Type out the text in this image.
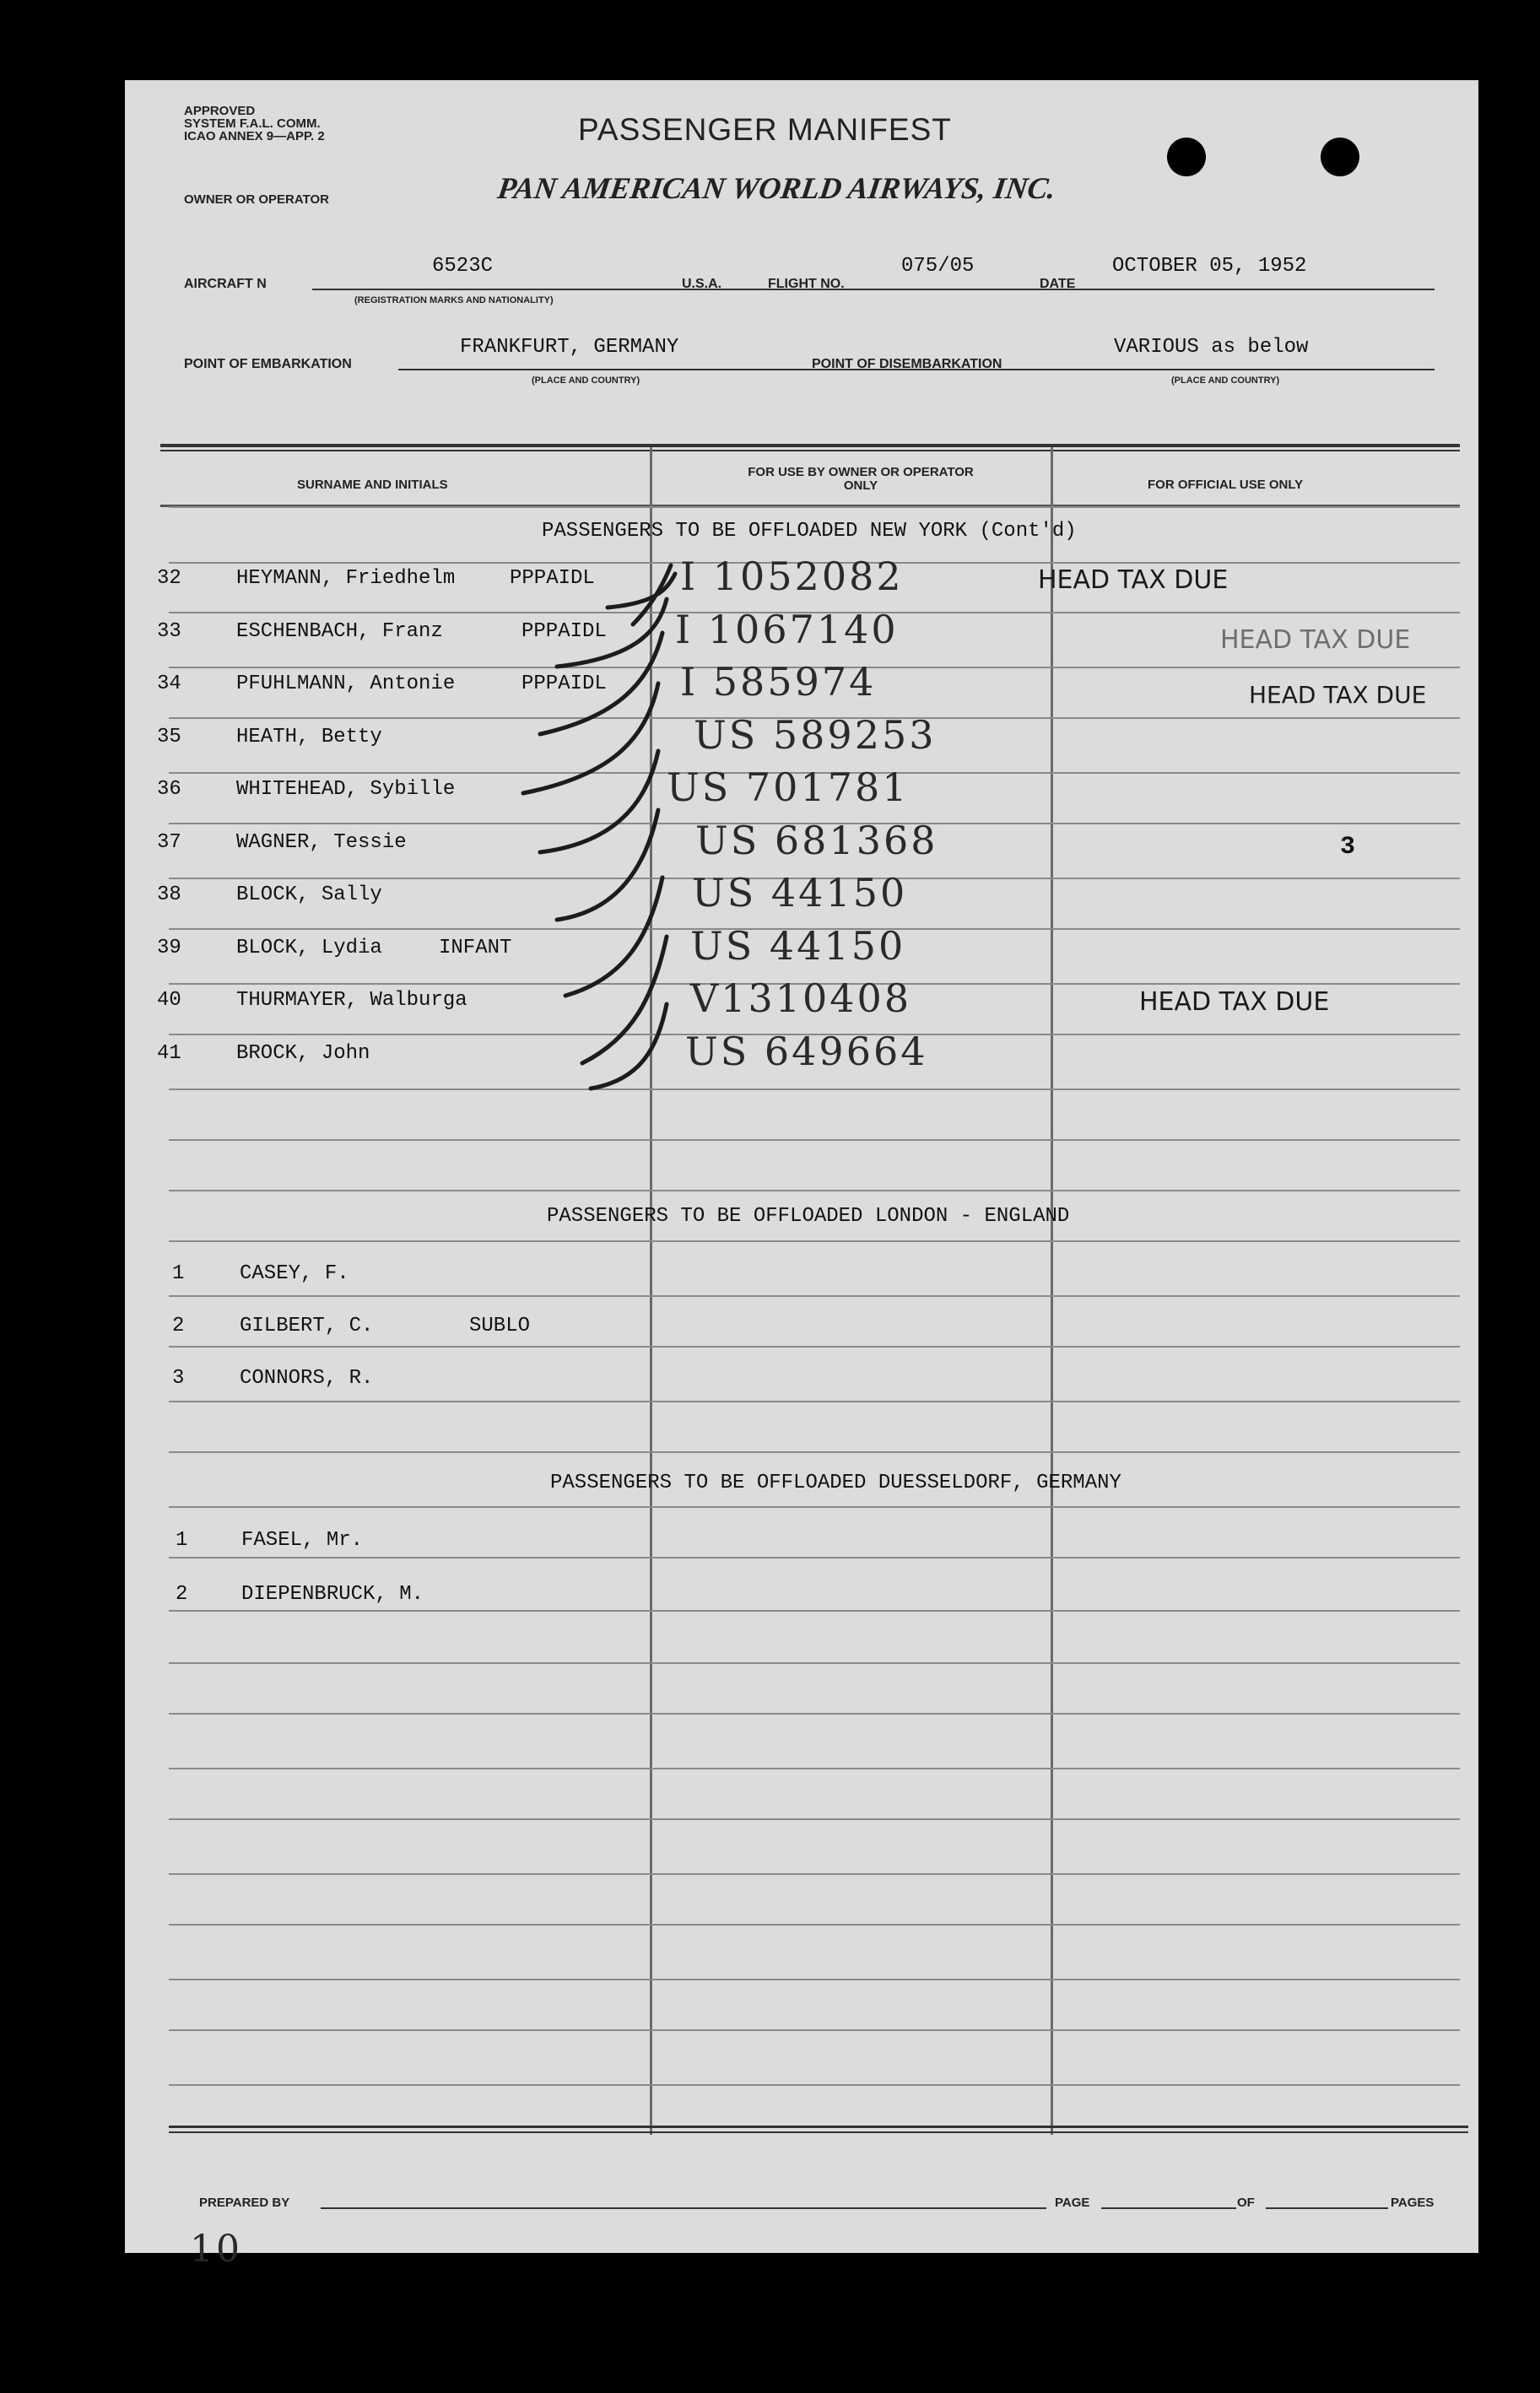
APPROVED
SYSTEM F.A.L. COMM.
ICAO ANNEX 9—APP. 2
OWNER OR OPERATOR
PASSENGER MANIFEST
PAN AMERICAN WORLD AIRWAYS, INC.
AIRCRAFT N
6523C
(REGISTRATION MARKS AND NATIONALITY)
U.S.A.	FLIGHT NO.
075/05
DATE
OCTOBER 05, 1952
POINT OF EMBARKATION
FRANKFURT, GERMANY
(PLACE AND COUNTRY)
POINT OF DISEMBARKATION
VARIOUS as below
(PLACE AND COUNTRY)
SURNAME AND INITIALS
FOR USE BY OWNER OR OPERATOR ONLY	FOR OFFICIAL USE ONLY
PASSENGERS TO BE OFFLOADED NEW YORK (Cont'd)
32	HEYMANN, Friedhelm	PPPAIDL I 1052082	HEAD TAX DUE
33	ESCHENBACH, Franz	PPPAIDL I 1067140	HEAD TAX DUE
34	PFUHLMANN, Antonie	PPPAIDL I 585974	HEAD TAX DUE
35	HEATH, Betty	US 589253
36	WHITEHEAD, Sybille	US 701781
37	WAGNER, Tessie	US 681368	3
38	BLOCK, Sally	US 44150
39	BLOCK, Lydia	INFANT	US 44150
40	THURMAYER, Walburga	V1310408	HEAD TAX DUE
41	BROCK, John	US 649664
PASSENGERS TO BE OFFLOADED LONDON - ENGLAND
1	CASEY, F.
2	GILBERT, C.	SUBLO
3	CONNORS, R.
PASSENGERS TO BE OFFLOADED DUESSELDORF, GERMANY
1	FASEL, Mr.
2	DIEPENBRUCK, M.
PREPARED BY	PAGE	OF	PAGES
10
